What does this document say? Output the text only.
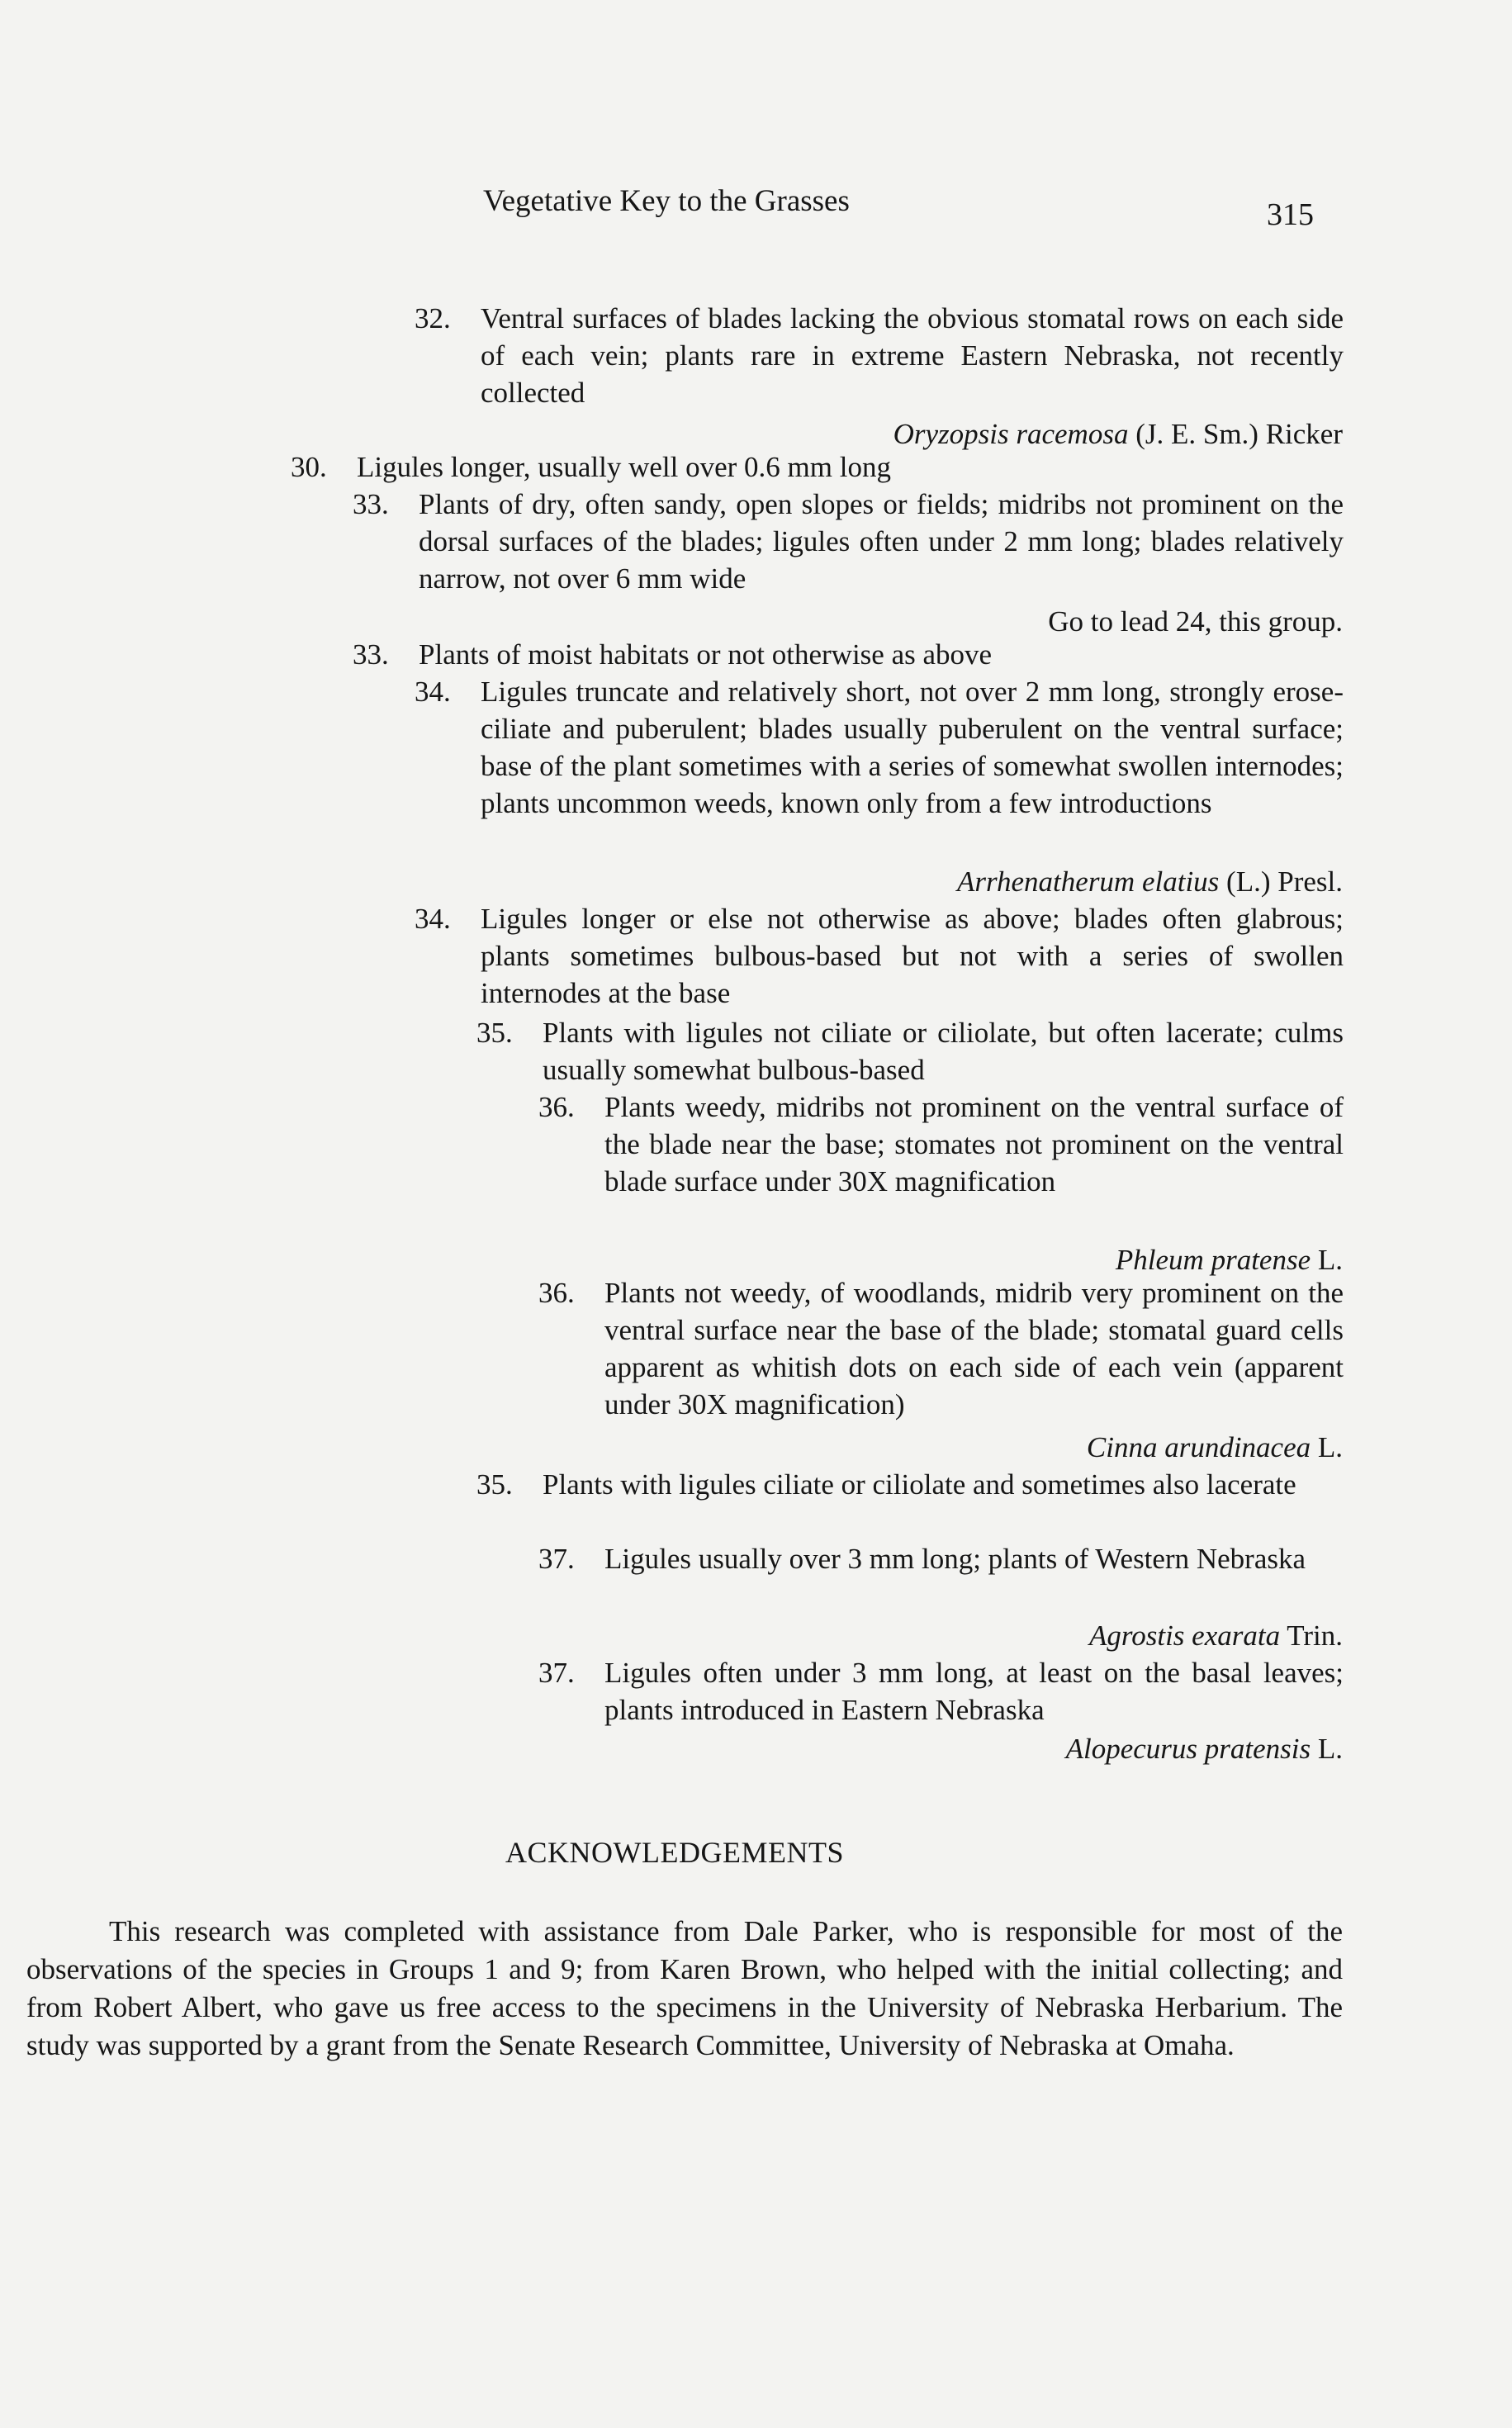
Vegetative Key to the Grasses	315
32. Ventral surfaces of blades lacking the obvious stomatal rows on each side of each vein; plants rare in extreme Eastern Nebraska, not recently collected
Oryzopsis racemosa (J. E. Sm.) Ricker
30. Ligules longer, usually well over 0.6 mm long
33. Plants of dry, often sandy, open slopes or fields; midribs not prominent on the dorsal surfaces of the blades; ligules often under 2 mm long; blades relatively narrow, not over 6 mm wide
Go to lead 24, this group.
33. Plants of moist habitats or not otherwise as above
34. Ligules truncate and relatively short, not over 2 mm long, strongly erose-ciliate and puberulent; blades usually puberulent on the ventral surface; base of the plant sometimes with a series of somewhat swollen internodes; plants uncommon weeds, known only from a few introductions
Arrhenatherum elatius (L.) Presl.
34. Ligules longer or else not otherwise as above; blades often glabrous; plants sometimes bulbous-based but not with a series of swollen internodes at the base
35. Plants with ligules not ciliate or ciliolate, but often lacerate; culms usually somewhat bulbous-based
36. Plants weedy, midribs not prominent on the ventral surface of the blade near the base; stomates not prominent on the ventral blade surface under 30X magnification
Phleum pratense L.
36. Plants not weedy, of woodlands, midrib very prominent on the ventral surface near the base of the blade; stomatal guard cells apparent as whitish dots on each side of each vein (apparent under 30X magnification)
Cinna arundinacea L.
35. Plants with ligules ciliate or ciliolate and sometimes also lacerate
37. Ligules usually over 3 mm long; plants of Western Nebraska
Agrostis exarata Trin.
37. Ligules often under 3 mm long, at least on the basal leaves; plants introduced in Eastern Nebraska
Alopecurus pratensis L.
ACKNOWLEDGEMENTS
This research was completed with assistance from Dale Parker, who is responsible for most of the observations of the species in Groups 1 and 9; from Karen Brown, who helped with the initial collecting; and from Robert Albert, who gave us free access to the specimens in the University of Nebraska Herbarium. The study was supported by a grant from the Senate Research Committee, University of Nebraska at Omaha.
